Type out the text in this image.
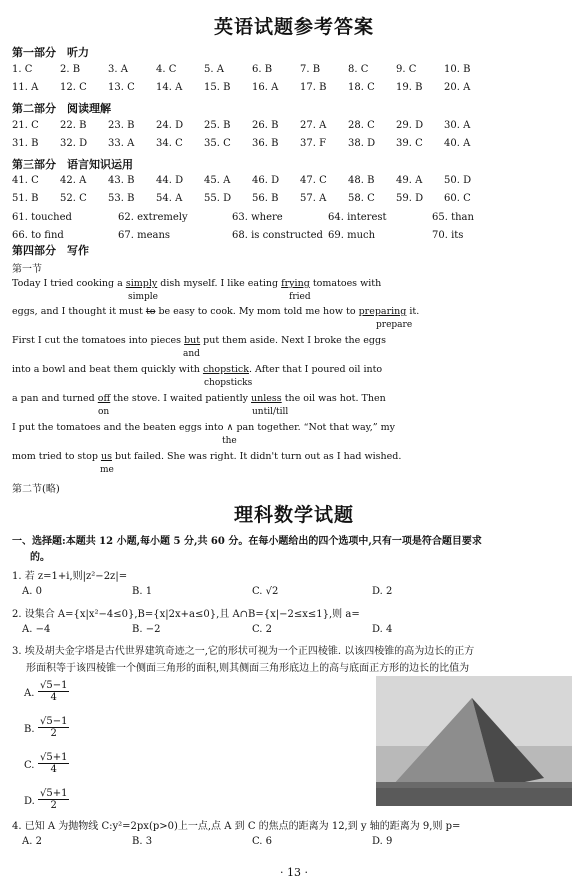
英语试题参考答案
第一部分　听力
1. C	2. B	3. A	4. C	5. A	6. B	7. B	8. C	9. C	10. B
11. A 12. C 13. C 14. A 15. B 16. A 17. B 18. C 19. B 20. A
第二部分　阅读理解
21. C 22. B 23. B 24. D 25. B 26. B 27. A 28. C 29. D 30. A
31. B 32. D 33. A 34. C 35. C 36. B 37. F 38. D 39. C 40. A
第三部分　语言知识运用
41. C 42. A 43. B 44. D 45. A 46. D 47. C 48. B 49. A 50. D
51. B 52. C 53. B 54. A 55. D 56. B 57. A 58. C 59. D 60. C
61. touched	62. extremely	63. where	64. interest	65. than
66. to find	67. means	68. is constructed 69. much	70. its
第四部分　写作
第一节
Today I tried cooking a simply dish myself. I like eating frying tomatoes with
simple	fried
eggs, and I thought it must to be easy to cook. My mom told me how to preparing it.
prepare
First I cut the tomatoes into pieces but put them aside. Next I broke the eggs
and
into a bowl and beat them quickly with chopstick. After that I poured oil into
chopsticks
a pan and turned off the stove. I waited patiently unless the oil was hot. Then
on	until/till
I put the tomatoes and the beaten eggs into ∧ pan together. “Not that way,” my
the
mom tried to stop us but failed. She was right. It didn't turn out as I had wished.
me
第二节(略)
理科数学试题
一、选择题:本题共 12 小题,每小题 5 分,共 60 分。在每小题给出的四个选项中,只有一项是符合题目要求
的。
1. 若 z=1+i,则|z²−2z|=
A. 0	B. 1	C. √2	D. 2
2. 设集合 A={x|x²−4≤0},B={x|2x+a≤0},且 A∩B={x|−2≤x≤1},则 a=
A. −4	B. −2	C. 2	D. 4
3. 埃及胡夫金字塔是古代世界建筑奇迹之一,它的形状可视为一个正四棱锥. 以该四棱锥的高为边长的正方
形面积等于该四棱锥一个侧面三角形的面积,则其侧面三角形底边上的高与底面正方形的边长的比值为
A. $\frac{√5-1}{4}$
B. $\frac{√5-1}{2}$
C. $\frac{√5+1}{4}$
D. $\frac{√5+1}{2}$
4. 已知 A 为抛物线 C:y²=2px(p>0)上一点,点 A 到 C 的焦点的距离为 12,到 y 轴的距离为 9,则 p=
A. 2	B. 3	C. 6	D. 9
· 13 ·
